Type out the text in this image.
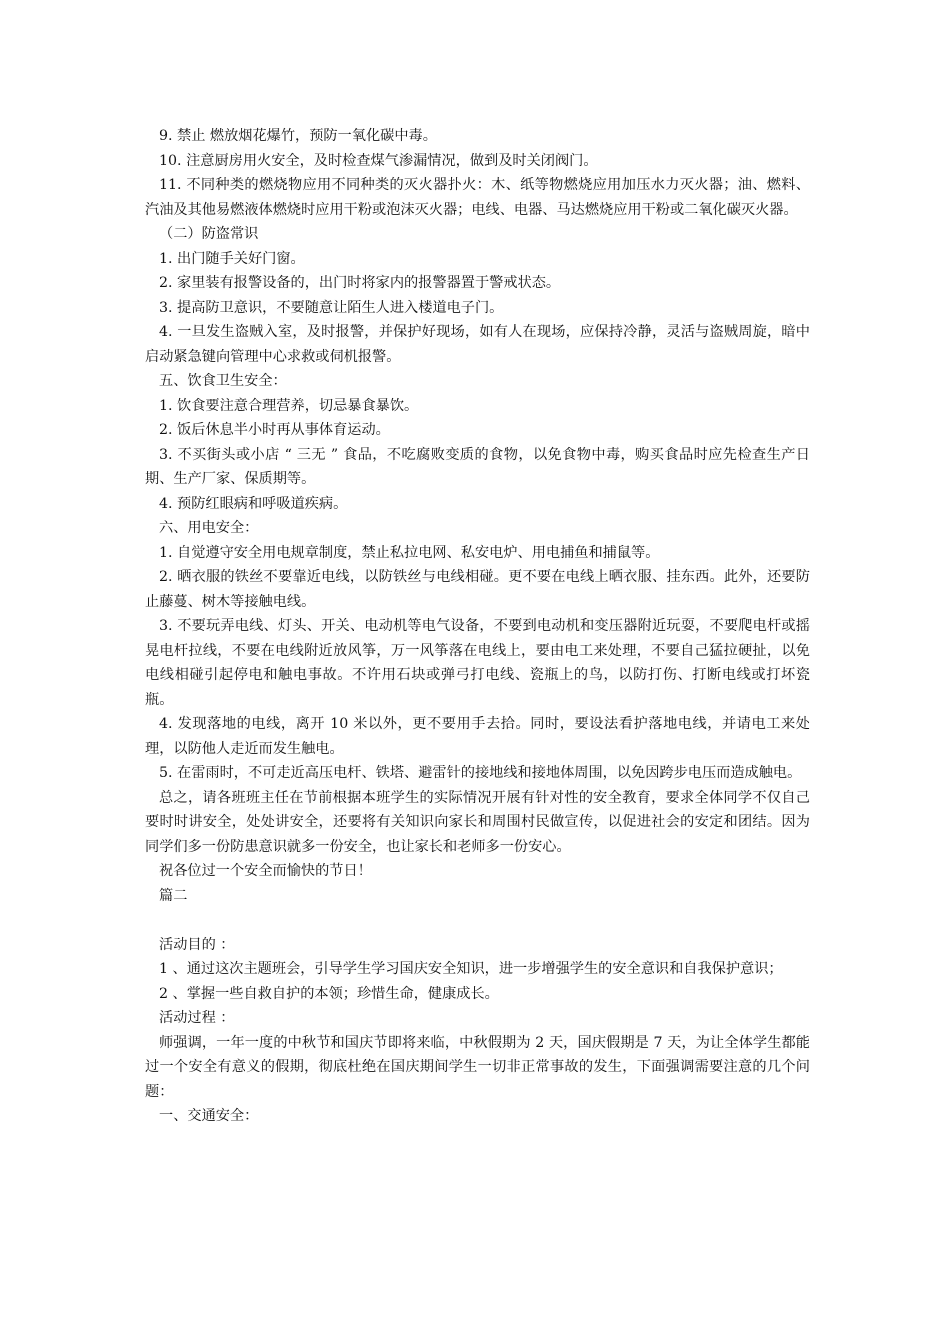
9. 禁止 燃放烟花爆竹，预防一氧化碳中毒。

10. 注意厨房用火安全，及时检查煤气渗漏情况，做到及时关闭阀门。

11. 不同种类的燃烧物应用不同种类的灭火器扑火：木、纸等物燃烧应用加压水力灭火器；油、燃料、汽油及其他易燃液体燃烧时应用干粉或泡沫灭火器；电线、电器、马达燃烧应用干粉或二氧化碳灭火器。

（二）防盗常识

1. 出门随手关好门窗。

2. 家里装有报警设备的，出门时将家内的报警器置于警戒状态。

3. 提高防卫意识，不要随意让陌生人进入楼道电子门。

4. 一旦发生盗贼入室，及时报警，并保护好现场，如有人在现场，应保持冷静，灵活与盗贼周旋，暗中启动紧急键向管理中心求救或伺机报警。

五、饮食卫生安全：

1. 饮食要注意合理营养，切忌暴食暴饮。

2. 饭后休息半小时再从事体育运动。

3. 不买街头或小店 “ 三无 ” 食品，不吃腐败变质的食物，以免食物中毒，购买食品时应先检查生产日期、生产厂家、保质期等。

4. 预防红眼病和呼吸道疾病。

六、用电安全：

1. 自觉遵守安全用电规章制度，禁止私拉电网、私安电炉、用电捕鱼和捕鼠等。

2. 晒衣服的铁丝不要靠近电线，以防铁丝与电线相碰。更不要在电线上晒衣服、挂东西。此外，还要防止藤蔓、树木等接触电线。

3. 不要玩弄电线、灯头、开关、电动机等电气设备，不要到电动机和变压器附近玩耍，不要爬电杆或摇晃电杆拉线，不要在电线附近放风筝，万一风筝落在电线上，要由电工来处理，不要自己猛拉硬扯，以免电线相碰引起停电和触电事故。不许用石块或弹弓打电线、瓷瓶上的鸟，以防打伤、打断电线或打坏瓷瓶。

4. 发现落地的电线，离开 10 米以外，更不要用手去拾。同时，要设法看护落地电线，并请电工来处理，以防他人走近而发生触电。

5. 在雷雨时，不可走近高压电杆、铁塔、避雷针的接地线和接地体周围，以免因跨步电压而造成触电。

总之，请各班班主任在节前根据本班学生的实际情况开展有针对性的安全教育，要求全体同学不仅自己要时时讲安全，处处讲安全，还要将有关知识向家长和周围村民做宣传，以促进社会的安定和团结。因为同学们多一份防患意识就多一份安全，也让家长和老师多一份安心。

祝各位过一个安全而愉快的节日！

篇二

活动目的 ：

1 、通过这次主题班会，引导学生学习国庆安全知识，进一步增强学生的安全意识和自我保护意识；

2 、掌握一些自救自护的本领；珍惜生命，健康成长。

活动过程 ：

师强调，一年一度的中秋节和国庆节即将来临，中秋假期为 2 天，国庆假期是 7 天，为让全体学生都能过一个安全有意义的假期，彻底杜绝在国庆期间学生一切非正常事故的发生，下面强调需要注意的几个问题：

一、交通安全：
